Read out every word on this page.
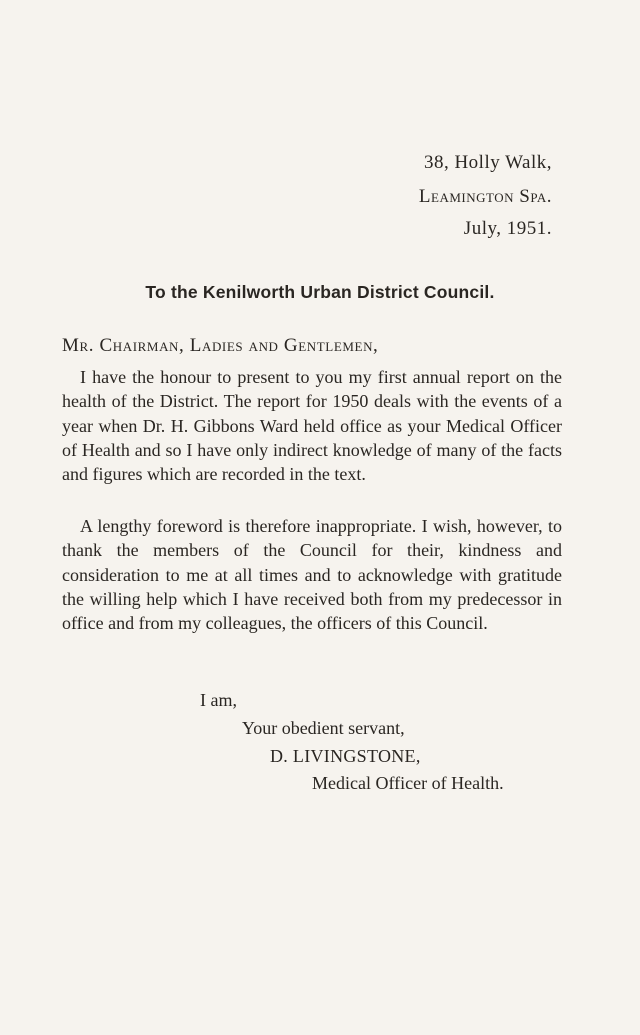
38, Holly Walk,
Leamington Spa.
July, 1951.
To the Kenilworth Urban District Council.
Mr. Chairman, Ladies and Gentlemen,

I have the honour to present to you my first annual report on the health of the District. The report for 1950 deals with the events of a year when Dr. H. Gibbons Ward held office as your Medical Officer of Health and so I have only indirect knowledge of many of the facts and figures which are recorded in the text.

A lengthy foreword is therefore inappropriate. I wish, however, to thank the members of the Council for their, kindness and consideration to me at all times and to acknowledge with gratitude the willing help which I have received both from my predecessor in office and from my colleagues, the officers of this Council.

I am,
Your obedient servant,
D. LIVINGSTONE,
Medical Officer of Health.
